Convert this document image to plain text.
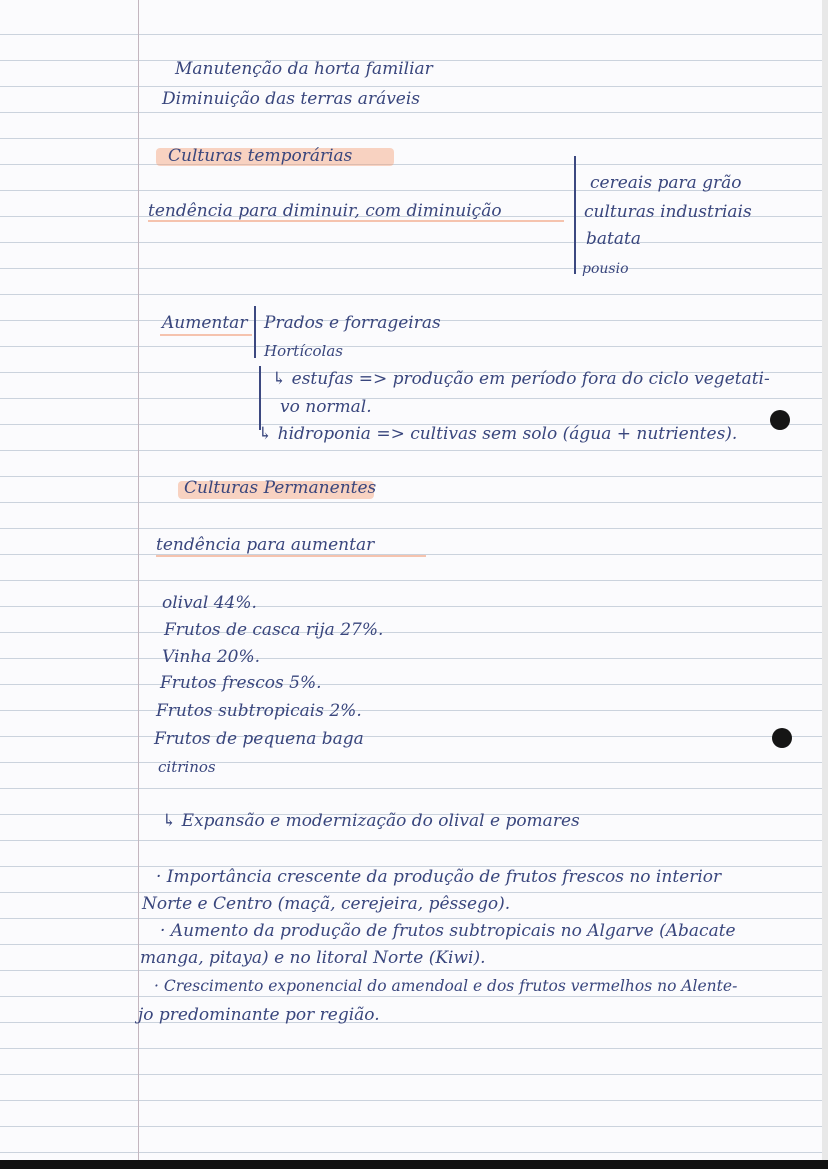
Manutenção da horta familiar
Diminuição das terras aráveis
Culturas temporárias
tendência para diminuir, com diminuição
cereais para grão
culturas industriais
batata
pousio
Aumentar Prados e forrageiras
Hortícolas
↳ estufas => produção em período fora do ciclo vegetati-
vo normal.
↳ hidroponia => cultivas sem solo (água + nutrientes).
Culturas Permanentes
tendência para aumentar
olival 44%.
Frutos de casca rija 27%.
Vinha 20%.
Frutos frescos 5%.
Frutos subtropicais 2%.
Frutos de pequena baga
citrinos
↳ Expansão e modernização do olival e pomares
· Importância crescente da produção de frutos frescos no interior
Norte e Centro (maçã, cerejeira, pêssego).
· Aumento da produção de frutos subtropicais no Algarve (Abacate
manga, pitaya) e no litoral Norte (Kiwi).
· Crescimento exponencial do amendoal e dos frutos vermelhos no Alente-
jo predominante por região.
